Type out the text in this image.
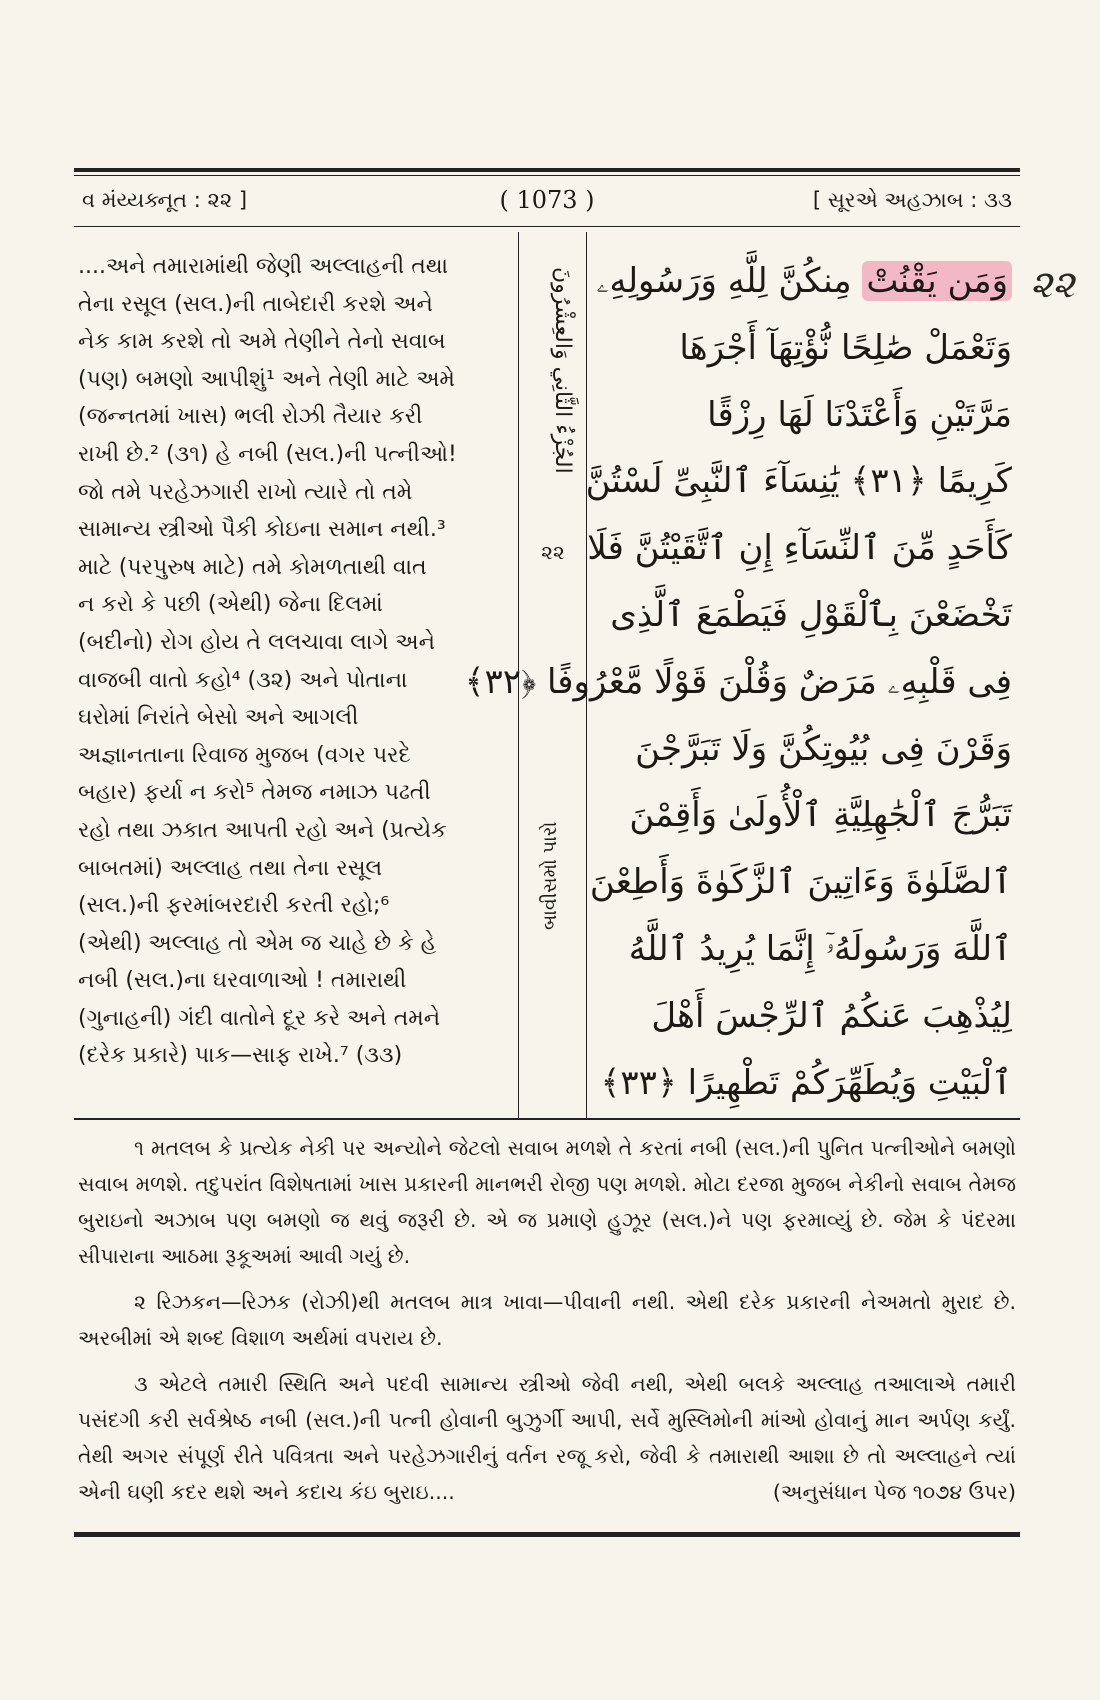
વ મંય્યક્નૂત : ૨૨ ]	( 1073 )	[ સૂરએ અહઝાબ : ૩૩
....અને તમારામાંથી જેણી અલ્લાહની તથા
તેના રસૂલ (સલ.)ની તાબેદારી કરશે અને
નેક કામ કરશે તો અમે તેણીને તેનો સવાબ
(પણ) બમણો આપીશું¹ અને તેણી માટે અમે
(જન્નતમાં ખાસ) ભલી રોઝી તૈયાર કરી
રાખી છે.² (૩૧) હે નબી (સલ.)ની પત્નીઓ!
જો તમે પરહેઝગારી રાખો ત્યારે તો તમે
સામાન્ય સ્ત્રીઓ પૈકી કોઇના સમાન નથી.³
માટે (પરપુરુષ માટે) તમે કોમળતાથી વાત
ન કરો કે પછી (એથી) જેના દિલમાં
(બદીનો) રોગ હોય તે લલચાવા લાગે અને
વાજબી વાતો કહો⁴ (૩૨) અને પોતાના
ઘરોમાં નિરાંતે બેસો અને આગલી
અજ્ઞાનતાના રિવાજ મુજબ (વગર પરદે
બહાર) ફર્યા ન કરો⁵ તેમજ નમાઝ પઢતી
રહો તથા ઝકાત આપતી રહો અને (પ્રત્યેક
બાબતમાં) અલ્લાહ તથા તેના રસૂલ
(સલ.)ની ફરમાંબરદારી કરતી રહો;⁶
(એથી) અલ્લાહ તો એમ જ ચાહે છે કે હે
નબી (સલ.)ના ઘરવાળાઓ ! તમારાથી
(ગુનાહની) ગંદી વાતોને દૂર કરે અને તમને
(દરેક પ્રકારે) પાક—સાફ રાખે.⁷ (૩૩)
الجُزْءُ الثَّانِي وَالعِشْرُونَ
૨૨
બાવીસમો પારો
وَمَن يَقْنُتْ مِنكُنَّ لِلَّهِ وَرَسُولِهِۦ
وَتَعْمَلْ صَٰلِحًا نُّؤْتِهَآ أَجْرَهَا
مَرَّتَيْنِ وَأَعْتَدْنَا لَهَا رِزْقًا
كَرِيمًا ﴿٣١﴾ يَٰنِسَآءَ ٱلنَّبِىِّ لَسْتُنَّ
كَأَحَدٍ مِّنَ ٱلنِّسَآءِ إِنِ ٱتَّقَيْتُنَّ فَلَا
تَخْضَعْنَ بِٱلْقَوْلِ فَيَطْمَعَ ٱلَّذِى
فِى قَلْبِهِۦ مَرَضٌ وَقُلْنَ قَوْلًا مَّعْرُوفًا ﴿٣٢﴾
وَقَرْنَ فِى بُيُوتِكُنَّ وَلَا تَبَرَّجْنَ
تَبَرُّجَ ٱلْجَٰهِلِيَّةِ ٱلْأُولَىٰ وَأَقِمْنَ
ٱلصَّلَوٰةَ وَءَاتِينَ ٱلزَّكَوٰةَ وَأَطِعْنَ
ٱللَّهَ وَرَسُولَهُۥٓ إِنَّمَا يُرِيدُ ٱللَّهُ
لِيُذْهِبَ عَنكُمُ ٱلرِّجْسَ أَهْلَ
ٱلْبَيْتِ وَيُطَهِّرَكُمْ تَطْهِيرًا ﴿٣٣﴾
૨૨

૧ મતલબ કે પ્રત્યેક નેકી પર અન્યોને જેટલો સવાબ મળશે તે કરતાં નબી (સલ.)ની પુનિત પત્નીઓને બમણો સવાબ મળશે. તદુપરાંત વિશેષતામાં ખાસ પ્રકારની માનભરી રોજી પણ મળશે. મોટા દરજા મુજબ નેકીનો સવાબ તેમજ બુરાઇનો અઝાબ પણ બમણો જ થવું જરૂરી છે. એ જ પ્રમાણે હુઝૂર (સલ.)ને પણ ફરમાવ્યું છે. જેમ કે પંદરમા સીપારાના આઠમા રૂકૂઅમાં આવી ગયું છે.

૨ રિઝકન—રિઝક (રોઝી)થી મતલબ માત્ર ખાવા—પીવાની નથી. એથી દરેક પ્રકારની નેઅમતો મુરાદ છે. અરબીમાં એ શબ્દ વિશાળ અર્થમાં વપરાય છે.

૩ એટલે તમારી સ્થિતિ અને પદવી સામાન્ય સ્ત્રીઓ જેવી નથી, એથી બલકે અલ્લાહ તઆલાએ તમારી પસંદગી કરી સર્વશ્રેષ્ઠ નબી (સલ.)ની પત્ની હોવાની બુઝુર્ગી આપી, સર્વે મુસ્લિમોની માંઓ હોવાનું માન અર્પણ કર્યું. તેથી અગર સંપૂર્ણ રીતે પવિત્રતા અને પરહેઝગારીનું વર્તન રજૂ કરો, જેવી કે તમારાથી આશા છે તો અલ્લાહને ત્યાં એની ઘણી કદર થશે અને કદાચ કંઇ બુરાઇ....	(અનુસંધાન પેજ ૧૦૭૪ ઉપર)
